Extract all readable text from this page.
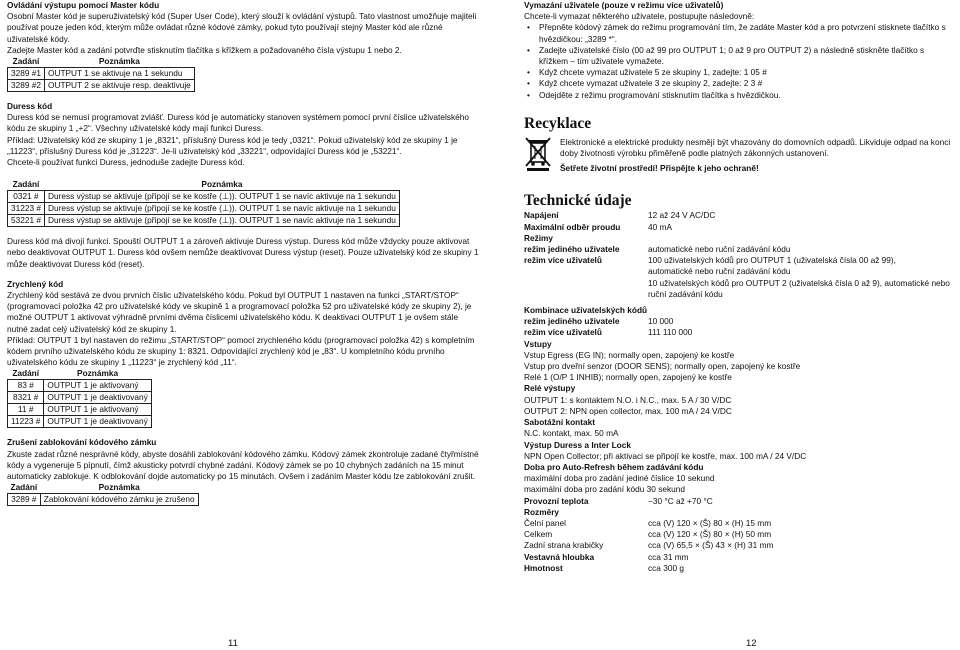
Ovládání výstupu pomocí Master kódu

Osobní Master kód je superuživatelský kód (Super User Code), který slouží k ovládání výstupů. Tato vlastnost umožňuje majiteli používat pouze jeden kód, kterým může ovládat různé kódové zámky, pokud tyto používají stejný Master kód ale různé uživatelské kódy.

Zadejte Master kód a zadání potvrďte stisknutím tlačítka s křížkem a požadovaného čísla výstupu 1 nebo 2.

Zadání	Poznámka
3289 #1	OUTPUT 1 se aktivuje na 1 sekundu
3289 #2	OUTPUT 2 se aktivuje resp. deaktivuje

Duress kód

Duress kód se nemusí programovat zvlášť. Duress kód je automaticky stanoven systémem pomocí první číslice uživatelského kódu ze skupiny 1 „+2“. Všechny uživatelské kódy mají funkci Duress.

Příklad: Uživatelský kód ze skupiny 1 je „8321“, příslušný Duress kód je tedy „0321“. Pokud uživatelský kód ze skupiny 1 je „11223“, příslušný Duress kód je „31223“. Je-li uživatelský kód „33221“, odpovídající Duress kód je „53221“.

Chcete-li používat funkci Duress, jednoduše zadejte Duress kód.

Zadání	Poznámka
0321 #	Duress výstup se aktivuje (připojí se ke kostře (⊥)). OUTPUT 1 se navíc aktivuje na 1 sekundu
31223 #	Duress výstup se aktivuje (připojí se ke kostře (⊥)). OUTPUT 1 se navíc aktivuje na 1 sekundu
53221 #	Duress výstup se aktivuje (připojí se ke kostře (⊥)). OUTPUT 1 se navíc aktivuje na 1 sekundu

Duress kód má divojí funkci. Spouští OUTPUT 1 a zároveň aktivuje Duress výstup. Duress kód může vždycky pouze aktivovat nebo deaktivovat OUTPUT 1. Duress kód ovšem nemůže deaktivovat Duress výstup (reset). Pouze uživatelský kód ze skupiny 1 může deaktivovat Duress kód (reset).

Zrychlený kód

Zrychlený kód sestává ze dvou prvních číslic uživatelského kódu. Pokud byl OUTPUT 1 nastaven na funkci „START/STOP“ (programovací položka 42 pro uživatelské kódy ve skupině 1 a programovací položka 52 pro uživatelské kódy ze skupiny 2), je možné OUTPUT 1 aktivovat výhradně prvními dvěma číslicemi uživatelského kódu. K deaktivaci OUTPUT 1 je ovšem stále nutné zadat celý uživatelský kód ze skupiny 1.

Příklad: OUTPUT 1 byl nastaven do režimu „START/STOP“ pomocí zrychleného kódu (programovací položka 42) s kompletním kódem prvního uživatelského kódu ze skupiny 1: 8321. Odpovídající zrychlený kód je „83“. U kompletního kódu prvního uživatelského kódu ze skupiny 1 „11223“ je zrychlený kód „11“.

Zadání	Poznámka
83 #	OUTPUT 1 je aktivovaný
8321 #	OUTPUT 1 je deaktivovaný
11 #	OUTPUT 1 je aktivovaný
11223 #	OUTPUT 1 je deaktivovaný

Zrušení zablokování kódového zámku

Zkuste zadat různé nesprávné kódy, abyste dosáhli zablokování kódového zámku. Kódový zámek zkontroluje zadané čtyřmístné kódy a vygeneruje 5 pípnutí, čímž akusticky potvrdí chybné zadání. Kódový zámek se po 10 chybných zadáních na 15 minut automaticky zablokuje. K odblokování dojde automaticky po 15 minutách. Ovšem i zadáním Master kódu lze zablokování zrušit.

Zadání	Poznámka
3289 #	Zablokování kódového zámku je zrušeno
11

Vymazání uživatele (pouze v režimu více uživatelů)

Chcete-li vymazat některého uživatele, postupujte následovně:

• Přepněte kódový zámek do režimu programování tím, že zadáte Master kód a pro potvrzení stisknete tlačítko s hvězdičkou: „3289 *“.
• Zadejte uživatelské číslo (00 až 99 pro OUTPUT 1; 0 až 9 pro OUTPUT 2) a následně stiskněte tlačítko s křížkem – tím uživatele vymažete.
• Když chcete vymazat uživatele 5 ze skupiny 1, zadejte: 1 05 #
• Když chcete vymazat uživatele 3 ze skupiny 2, zadejte: 2 3 #
• Odejděte z režimu programování stisknutím tlačítka s hvězdičkou.

Recyklace

Elektronické a elektrické produkty nesmějí být vhazovány do domovních odpadů. Likviduje odpad na konci doby životnosti výrobku přiměřeně podle platných zákonných ustanovení.

Šetřete životní prostředí! Přispějte k jeho ochraně!

Technické údaje

Napájení	12 až 24 V AC/DC
Maximální odběr proudu	40 mA
Režimy
režim jediného uživatele	automatické nebo ruční zadávání kódu
režim více uživatelů	100 uživatelských kódů pro OUTPUT 1 (uživatelská čísla 00 až 99),
automatické nebo ruční zadávání kódu
10 uživatelských kódů pro OUTPUT 2 (uživatelská čísla 0 až 9), automatické nebo ruční zadávání kódu

Kombinace uživatelských kódů

režim jediného uživatele	10 000
režim více uživatelů	111 110 000

Vstupy

Vstup Egress (EG IN); normally open, zapojený ke kostře

Vstup pro dveřní senzor (DOOR SENS); normally open, zapojený ke kostře

Relé 1 (O/P 1 INHIB); normally open, zapojený ke kostře

Relé výstupy

OUTPUT 1: s kontaktem N.O. i N.C., max. 5 A / 30 V/DC

OUTPUT 2: NPN open collector, max. 100 mA / 24 V/DC

Sabotážní kontakt

N.C. kontakt, max. 50 mA

Výstup Duress a Inter Lock

NPN Open Collector; při aktivaci se připojí ke kostře, max. 100 mA / 24 V/DC

Doba pro Auto-Refresh během zadávání kódu

maximální doba pro zadání jediné číslice 10 sekund

maximální doba pro zadání kódu 30 sekund

Provozní teplota	−30 °C až +70 °C

Rozměry

Čelní panel	cca (V) 120 × (Š) 80 × (H) 15 mm
Celkem	cca (V) 120 × (Š) 80 × (H) 50 mm
Zadní strana krabičky	cca (V) 65,5 × (Š) 43 × (H) 31 mm
Vestavná hloubka	cca 31 mm
Hmotnost	cca 300 g
12
